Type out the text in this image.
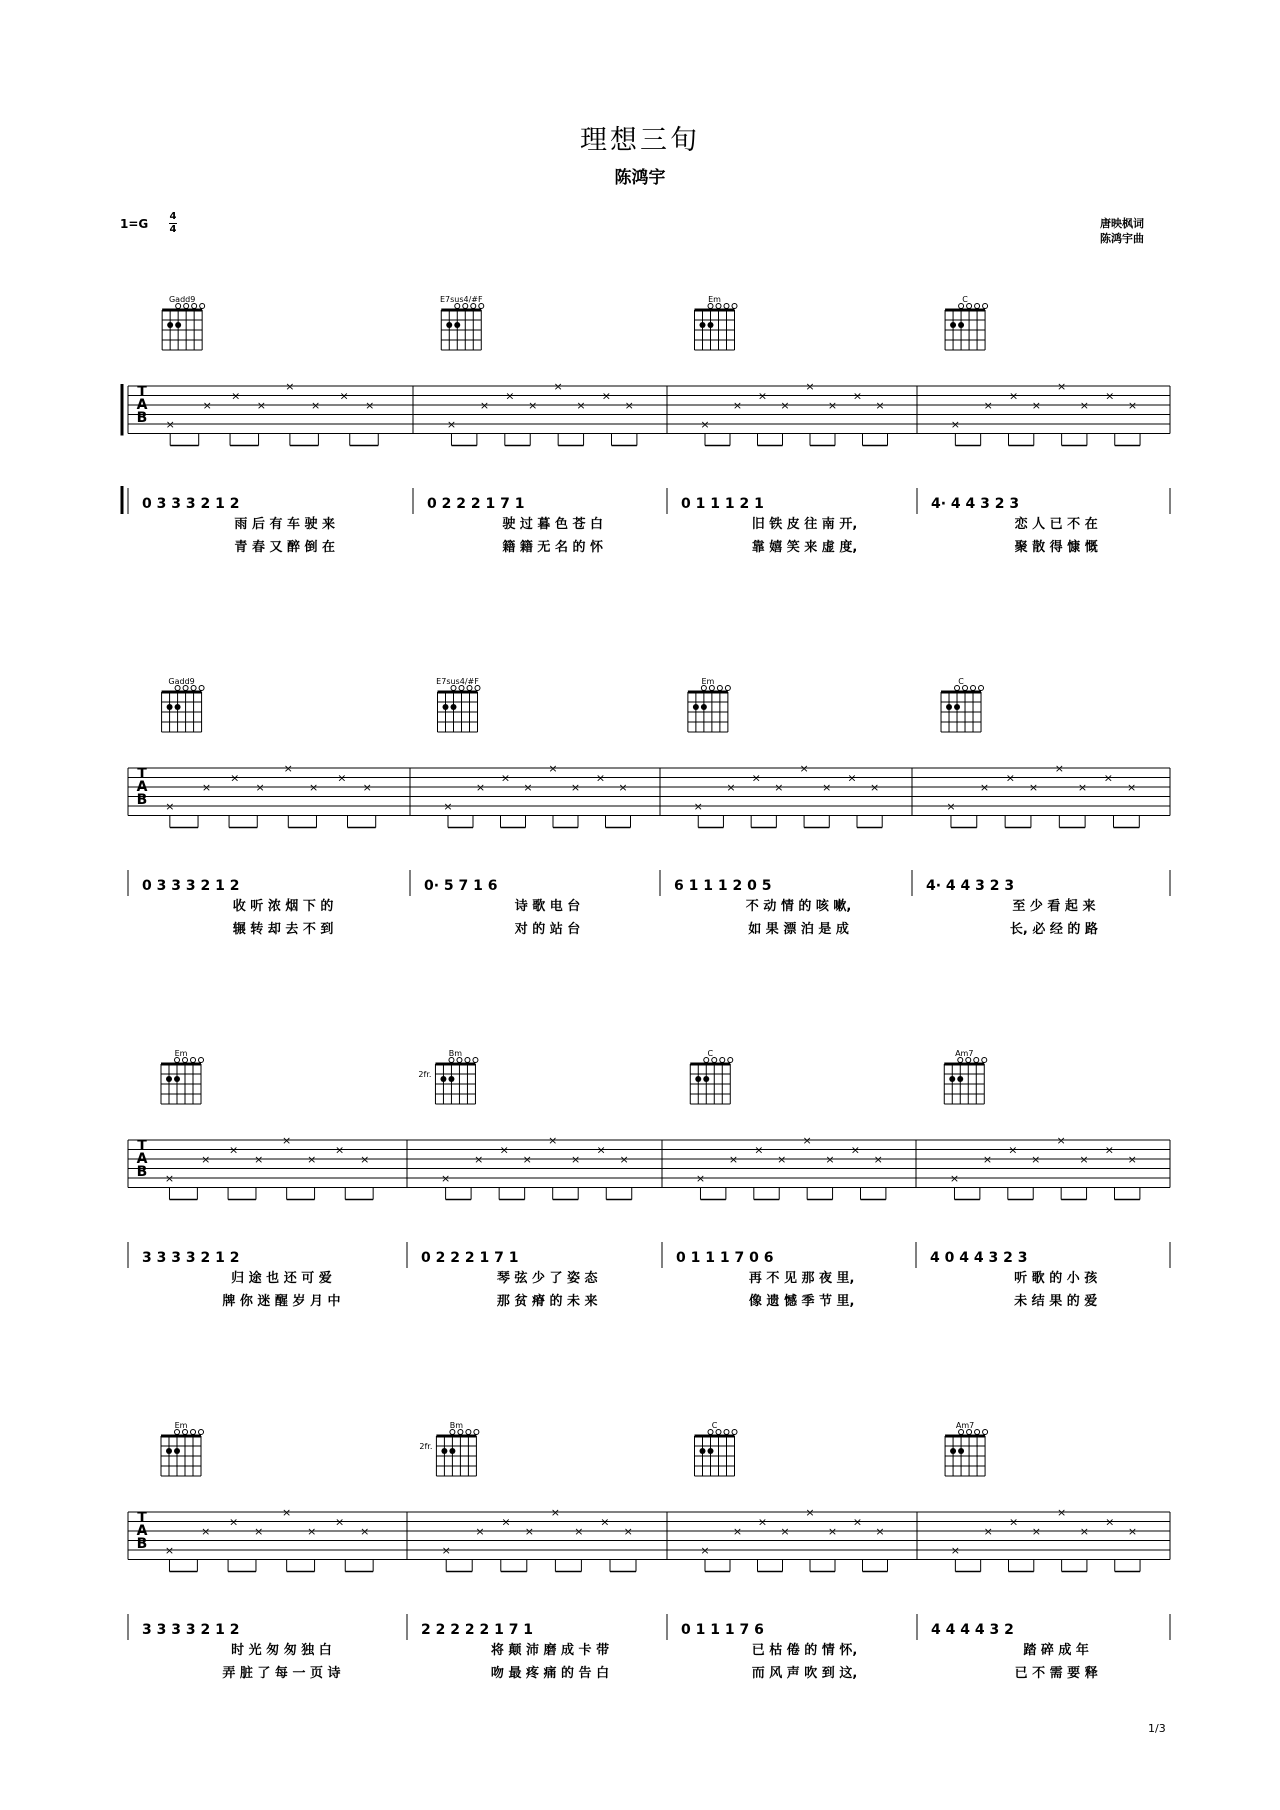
理想三旬
陈鸿宇
1=G
4
4	唐映枫词
陈鸿宇曲
1/3
T
A
B
Gadd9
×
×
×
×
×
×
×
×
0 3 3 3 2 1 2
雨 后 有 车 驶 来
青 春 又 醉 倒 在
E7sus4/#F
×
×
×
×
×
×
×
×
0 2 2 2 1 7 1
驶 过 暮 色 苍 白
籍 籍 无 名 的 怀
Em
×
×
×
×
×
×
×
×
0 1 1 1 2 1
旧 铁 皮 往 南 开,
靠 嬉 笑 来 虚 度,
C
×
×
×
×
×
×
×
×
4· 4 4 3 2 3
恋 人 已 不 在
聚 散 得 慷 慨
T
A
B
Gadd9
×
×
×
×
×
×
×
×
0 3 3 3 2 1 2
收 听 浓 烟 下 的
辗 转 却 去 不 到
E7sus4/#F
×
×
×
×
×
×
×
×
0· 5 7 1 6
诗 歌 电 台
对 的 站 台
Em
×
×
×
×
×
×
×
×
6 1 1 1 2 0 5
不 动 情 的 咳 嗽,
如 果 漂 泊 是 成
C
×
×
×
×
×
×
×
×
4· 4 4 3 2 3
至 少 看 起 来
长, 必 经 的 路
T
A
B
Em
×
×
×
×
×
×
×
×
3 3 3 3 2 1 2
归 途 也 还 可 爱
牌 你 迷 醒 岁 月 中
Bm
2fr.
×
×
×
×
×
×
×
×
0 2 2 2 1 7 1
琴 弦 少 了 姿 态
那 贫 瘠 的 未 来
C
×
×
×
×
×
×
×
×
0 1 1 1 7 0 6
再 不 见 那 夜 里,
像 遗 憾 季 节 里,
Am7
×
×
×
×
×
×
×
×
4 0 4 4 3 2 3
听 歌 的 小 孩
未 结 果 的 爱
T
A
B
Em
×
×
×
×
×
×
×
×
3 3 3 3 2 1 2
时 光 匆 匆 独 白
弄 脏 了 每 一 页 诗
Bm
2fr.
×
×
×
×
×
×
×
×
2 2 2 2 2 1 7 1
将 颠 沛 磨 成 卡 带
吻 最 疼 痛 的 告 白
C
×
×
×
×
×
×
×
×
0 1 1 1 7 6
已 枯 倦 的 情 怀,
而 风 声 吹 到 这,
Am7
×
×
×
×
×
×
×
×
4 4 4 4 3 2
踏 碎 成 年
已 不 需 要 释
